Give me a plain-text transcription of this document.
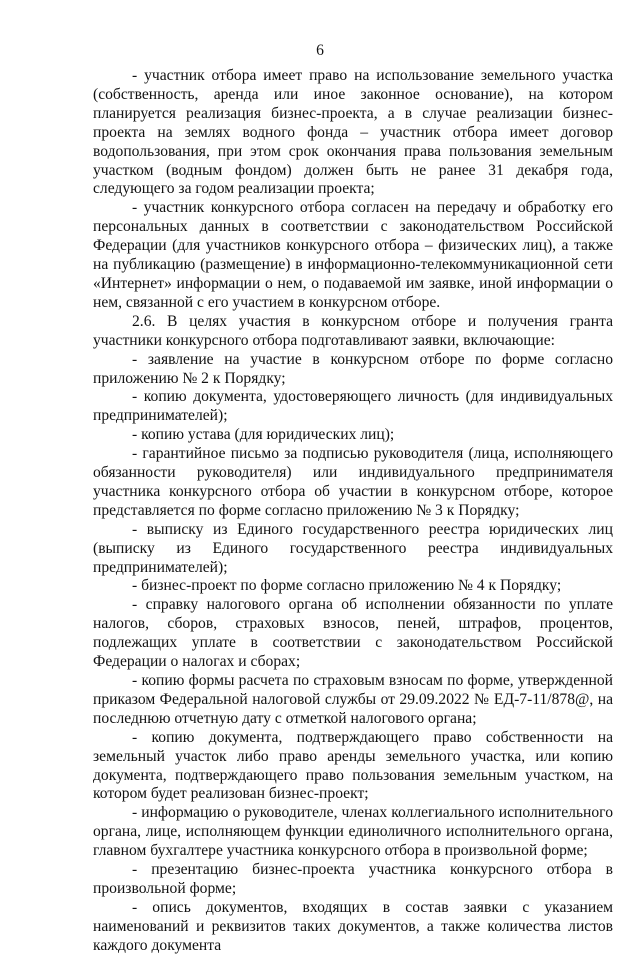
6

- участник отбора имеет право на использование земельного участка (собственность, аренда или иное законное основание), на котором планируется реализация бизнес-проекта, а в случае реализации бизнес-проекта на землях водного фонда – участник отбора имеет договор водопользования, при этом срок окончания права пользования земельным участком (водным фондом) должен быть не ранее 31 декабря года, следующего за годом реализации проекта;

- участник конкурсного отбора согласен на передачу и обработку его персональных данных в соответствии с законодательством Российской Федерации (для участников конкурсного отбора – физических лиц), а также на публикацию (размещение) в информационно-телекоммуникационной сети «Интернет» информации о нем, о подаваемой им заявке, иной информации о нем, связанной с его участием в конкурсном отборе.

2.6. В целях участия в конкурсном отборе и получения гранта участники конкурсного отбора подготавливают заявки, включающие:

- заявление на участие в конкурсном отборе по форме согласно приложению № 2 к Порядку;

- копию документа, удостоверяющего личность (для индивидуальных предпринимателей);

- копию устава (для юридических лиц);

- гарантийное письмо за подписью руководителя (лица, исполняющего обязанности руководителя) или индивидуального предпринимателя участника конкурсного отбора об участии в конкурсном отборе, которое представляется по форме согласно приложению № 3 к Порядку;

- выписку из Единого государственного реестра юридических лиц (выписку из Единого государственного реестра индивидуальных предпринимателей);

- бизнес-проект по форме согласно приложению № 4 к Порядку;

- справку налогового органа об исполнении обязанности по уплате налогов, сборов, страховых взносов, пеней, штрафов, процентов, подлежащих уплате в соответствии с законодательством Российской Федерации о налогах и сборах;

- копию формы расчета по страховым взносам по форме, утвержденной приказом Федеральной налоговой службы от 29.09.2022 № ЕД-7-11/878@, на последнюю отчетную дату с отметкой налогового органа;

- копию документа, подтверждающего право собственности на земельный участок либо право аренды земельного участка, или копию документа, подтверждающего право пользования земельным участком, на котором будет реализован бизнес-проект;

- информацию о руководителе, членах коллегиального исполнительного органа, лице, исполняющем функции единоличного исполнительного органа, главном бухгалтере участника конкурсного отбора в произвольной форме;

- презентацию бизнес-проекта участника конкурсного отбора в произвольной форме;

- опись документов, входящих в состав заявки с указанием наименований и реквизитов таких документов, а также количества листов каждого документа
